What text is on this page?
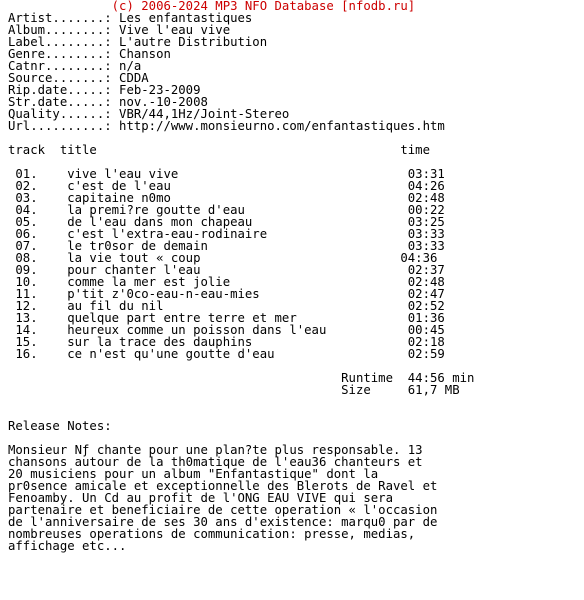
(c) 2006-2024 MP3 NFO Database [nfodb.ru]
Artist.......: Les enfantastiques
Album........: Vive l'eau vive
Label........: L'autre Distribution
Genre........: Chanson
Catnr........: n/a
Source.......: CDDA
Rip.date.....: Feb-23-2009
Str.date.....: nov.-10-2008
Quality......: VBR/44,1Hz/Joint-Stereo
Url..........: http://www.monsieurno.com/enfantastiques.htm
track  title                                         time
01.    vive l'eau vive                               03:31
02.    c'est de l'eau                                04:26
03.    capitaine n0mo                                02:48
04.    la premi?re goutte d'eau                      00:22
05.    de l'eau dans mon chapeau                     03:25
06.    c'est l'extra-eau-rodinaire                   03:33
07.    le tr0sor de demain                           03:33
08.    la vie tout « coup                           04:36
09.    pour chanter l'eau                            02:37
10.    comme la mer est jolie                        02:48
11.    p'tit z'0co-eau-n-eau-mies                    02:47
12.    au fil du nil                                 02:52
13.    quelque part entre terre et mer               01:36
14.    heureux comme un poisson dans l'eau           00:45
15.    sur la trace des dauphins                     02:18
16.    ce n'est qu'une goutte d'eau                  02:59
Runtime  44:56 min
Size     61,7 MB
Release Notes:
Monsieur Nƒ chante pour une plan?te plus responsable. 13
chansons autour de la th0matique de l'eau36 chanteurs et
20 musiciens pour un album "Enfantastique" dont la
pr0sence amicale et exceptionnelle des Blerots de Ravel et
Fenoamby. Un Cd au profit de l'ONG EAU VIVE qui sera
partenaire et beneficiaire de cette operation « l'occasion
de l'anniversaire de ses 30 ans d'existence: marqu0 par de
nombreuses operations de communication: presse, medias,
affichage etc...
